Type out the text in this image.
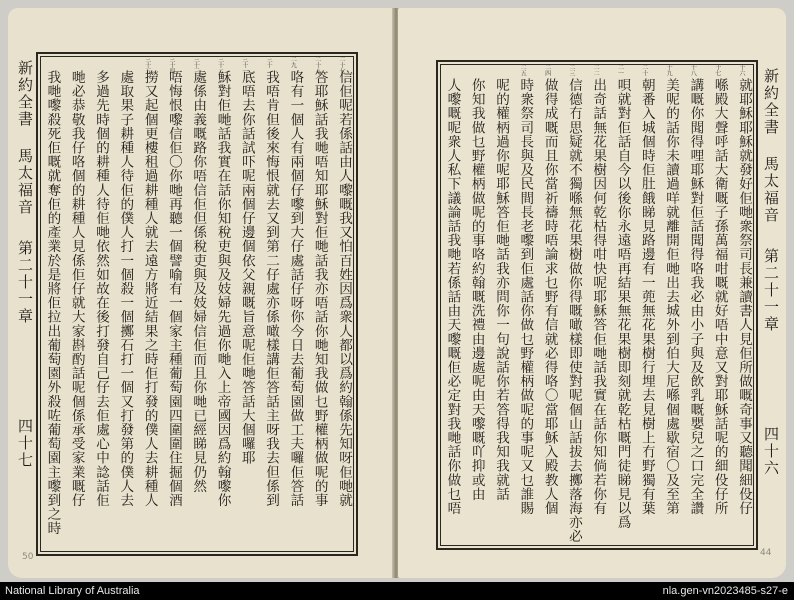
二十七
二十八
二九
三十
三十一
三十二
三十三
三十四
三十五
信佢呢若係話由人嚟嘅我又怕百姓因爲衆人都以爲約翰係先知呀佢哋就
答耶穌話我哋唔知耶穌對佢哋話我亦唔話你哋知我做乜野權柄做呢的事
咯有一個人有兩個仔嚟到大仔處話仔呀你今日去葡萄園做工夫囉佢答話
我唔肯但後來悔恨就去又到第二仔處亦係噉樣講佢答話主呀我去但係到
底唔去你話試吓呢兩個仔邊個依父親嘅旨意呢佢哋答話大個囉耶
穌對佢哋話我實在話你知稅吏與及妓婦先過你哋入上帝國因爲約翰嚟你
處係由義嘅路你唔信佢但係稅吏與及妓婦信佢而且你哋已經睇見仍然
唔悔恨嚟信佢〇你哋再聽一個譬喻有一個家主種葡萄園四圍圍住掘個酒
撈又起個更樓租過耕種人就去遠方將近結果之時佢打發的僕人去耕種人
處取果子耕種人待佢的僕人打一個殺一個擲石打一個又打發第的僕人去
多過先時個的耕種人待佢哋依然如故在後打發自己仔去佢處心中諗話佢
哋必恭敬我仔咯個的耕種人見係佢仔就大家斟酌話呢個係承受家業嘅仔
我哋嚟殺死佢嘅就奪佢的產業於是將佢拉出葡萄園外殺咗葡萄園主嚟到之時
新約全書
馬太福音
第二十一章
四十七
50
十六
十七
十八
十九
二十
二一
二二
二三
二四
二五
就耶穌耶穌就發好佢哋衆祭司長兼讀書人見佢所做嘅奇事又聽聞細伇仔
喺殿大聲呼話大衛嘅子孫萬福咁嘅就好唔中意又對耶穌話呢的細伇仔所
講嘅你聞得哩耶穌對佢話聞得咯我必由小子與及飲乳嘅嬰兒之口完全讚
美呢的話你未讀過咩就離開佢哋出去城外到伯大尼喺個處歇宿〇及至第
朝番入城個時佢肚餓睇見路邊有一蔸無花果樹行埋去見樹上冇野獨有葉
唄就對佢話自今以後你永遠唔再結果無花果樹即刻就乾枯嘅門徒睇見以爲
出奇話無花果樹因何乾枯得咁快呢耶穌答佢哋話我實在話你知倘若你有
信德冇思疑就不獨喺無花果樹做你得嘅噉樣即使對呢個山話拔去擲落海亦必
做得成嘅而且你當祈禱時唔論求乜野有信就必得咯〇當耶穌入殿教人個
時衆祭司長與及民間長老嚟到佢處話你做乜野權柄做呢的事呢又乜誰賜
呢的權柄過你呢耶穌答佢哋話我亦問你一句說話你若答得我知我就話
你知我做乜野權柄做呢的事咯約翰嘅洗禮由邊處呢由天嚟嘅吖抑或由
人嚟嘅呢衆人私下議論話我哋若係話由天嚟嘅佢必定對我哋話你做乜唔	新約全書
馬太福音
第二十一章
四十六
44
National Library of Australia	nla.gen-vn2023485-s27-e
